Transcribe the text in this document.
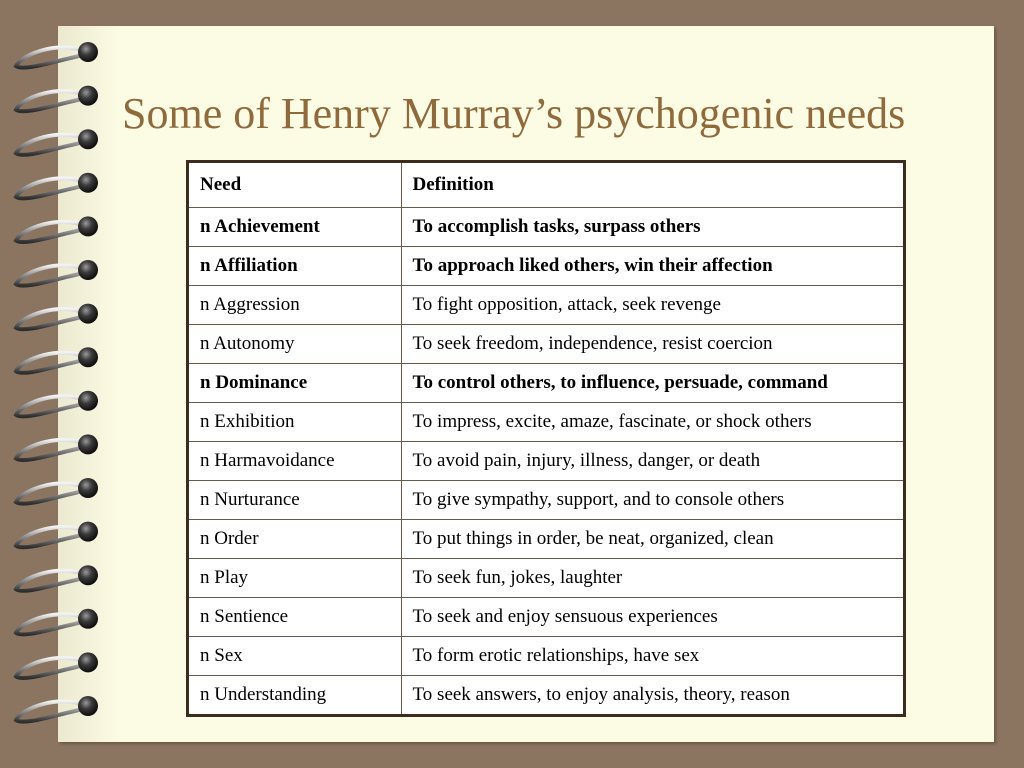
Some of Henry Murray’s psychogenic needs
Need	Definition
n Achievement	To accomplish tasks, surpass others
n Affiliation	To approach liked others, win their affection
n Aggression	To fight opposition, attack, seek revenge
n Autonomy	To seek freedom, independence, resist coercion
n Dominance	To control others, to influence, persuade, command
n Exhibition	To impress, excite, amaze, fascinate, or shock others
n Harmavoidance	To avoid pain, injury, illness, danger, or death
n Nurturance	To give sympathy, support, and to console others
n Order	To put things in order, be neat, organized, clean
n Play	To seek fun, jokes, laughter
n Sentience	To seek and enjoy sensuous experiences
n Sex	To form erotic relationships, have sex
n Understanding	To seek answers, to enjoy analysis, theory, reason
